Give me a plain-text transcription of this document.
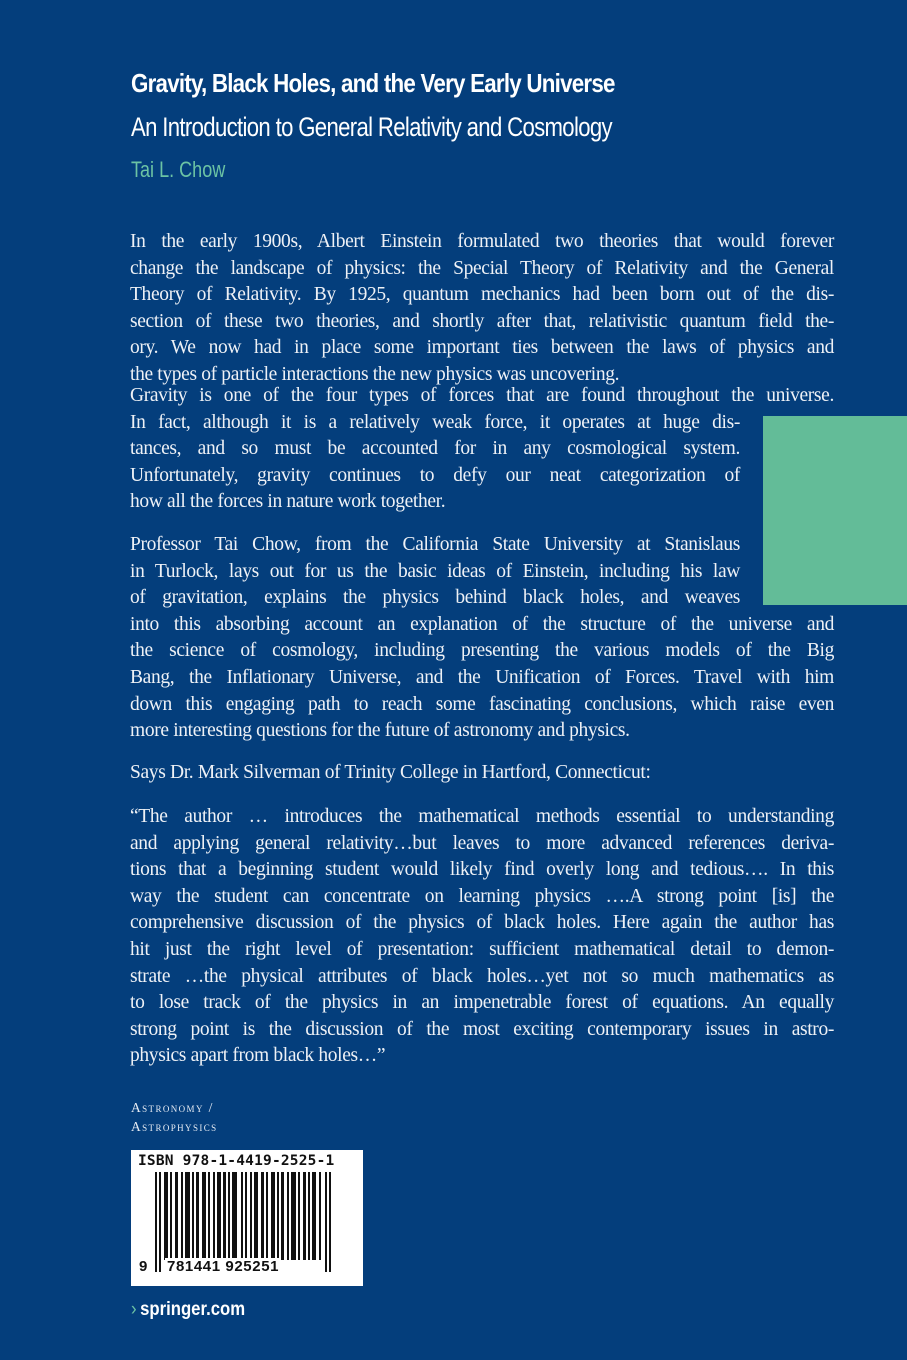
Gravity, Black Holes, and the Very Early Universe
An Introduction to General Relativity and Cosmology
Tai L. Chow
In the early 1900s, Albert Einstein formulated two theories that would forever
change the landscape of physics: the Special Theory of Relativity and the General
Theory of Relativity. By 1925, quantum mechanics had been born out of the dis-
section of these two theories, and shortly after that, relativistic quantum field the-
ory. We now had in place some important ties between the laws of physics and
the types of particle interactions the new physics was uncovering.
Gravity is one of the four types of forces that are found throughout the universe.
In fact, although it is a relatively weak force, it operates at huge dis-
tances, and so must be accounted for in any cosmological system.
Unfortunately, gravity continues to defy our neat categorization of
how all the forces in nature work together.
Professor Tai Chow, from the California State University at Stanislaus
in Turlock, lays out for us the basic ideas of Einstein, including his law
of gravitation, explains the physics behind black holes, and weaves
into this absorbing account an explanation of the structure of the universe and
the science of cosmology, including presenting the various models of the Big
Bang, the Inflationary Universe, and the Unification of Forces. Travel with him
down this engaging path to reach some fascinating conclusions, which raise even
more interesting questions for the future of astronomy and physics.
Says Dr. Mark Silverman of Trinity College in Hartford, Connecticut:
“The author … introduces the mathematical methods essential to understanding
and applying general relativity…but leaves to more advanced references deriva-
tions that a beginning student would likely find overly long and tedious…. In this
way the student can concentrate on learning physics ….A strong point [is] the
comprehensive discussion of the physics of black holes. Here again the author has
hit just the right level of presentation: sufficient mathematical detail to demon-
strate …the physical attributes of black holes…yet not so much mathematics as
to lose track of the physics in an impenetrable forest of equations. An equally
strong point is the discussion of the most exciting contemporary issues in astro-
physics apart from black holes…”
Astronomy /
Astrophysics
ISBN 978-1-4419-2525-1
9 781441 925251
› springer.com
